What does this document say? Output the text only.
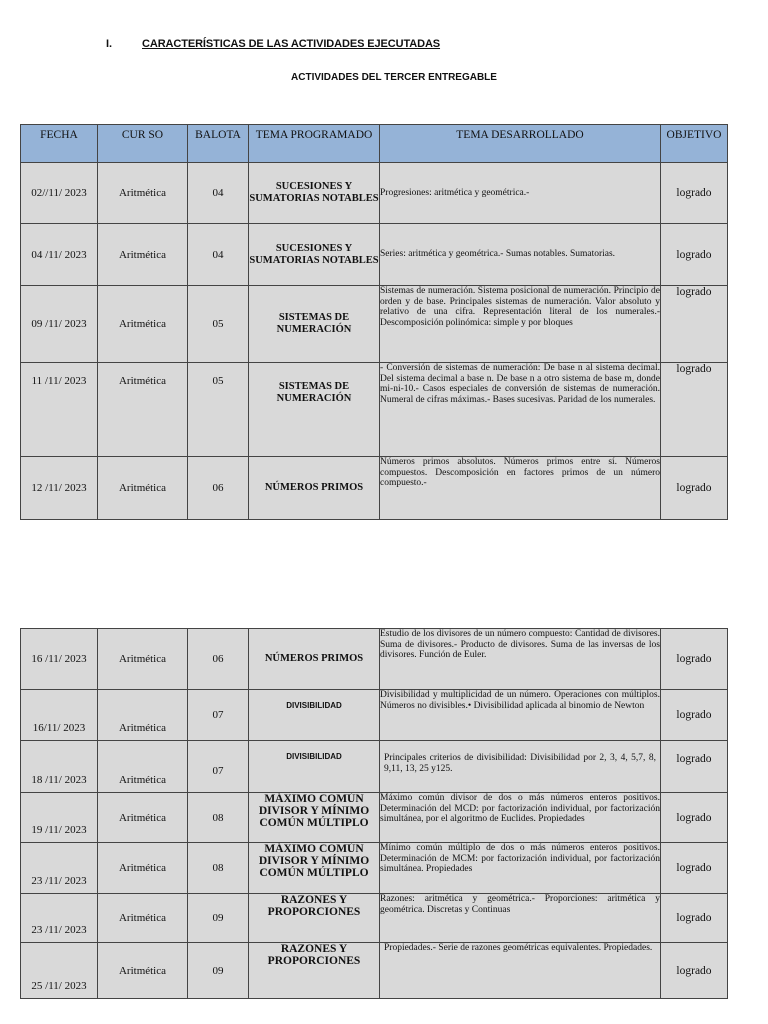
I.	CARACTERÍSTICAS DE LAS ACTIVIDADES EJECUTADAS
ACTIVIDADES DEL TERCER ENTREGABLE
FECHA	CUR SO	BALOTA	TEMA PROGRAMADO	TEMA DESARROLLADO	OBJETIVO
02//11/ 2023	Aritmética	04	SUCESIONES Y SUMATORIAS NOTABLES	Progresiones: aritmética y geométrica.-	logrado
04 /11/ 2023	Aritmética	04	SUCESIONES Y SUMATORIAS NOTABLES	Series: aritmética y geométrica.- Sumas notables. Sumatorias.	logrado
09 /11/ 2023	Aritmética	05	SISTEMAS DE NUMERACIÓN	Sistemas de numeración. Sistema posicional de numeración. Principio de orden y de base. Principales sistemas de numeración. Valor absoluto y relativo de una cifra. Representación literal de los numerales.- Descomposición polinómica: simple y por bloques	logrado
11 /11/ 2023	Aritmética	05	SISTEMAS DE NUMERACIÓN	- Conversión de sistemas de numeración: De base n al sistema decimal. Del sistema decimal a base n. De base n a otro sistema de base m, donde mi-ni-10.- Casos especiales de conversión de sistemas de numeración. Numeral de cifras máximas.- Bases sucesivas. Paridad de los numerales.	logrado
12 /11/ 2023	Aritmética	06	NÚMEROS PRIMOS	Números primos absolutos. Números primos entre sí. Números compuestos. Descomposición en factores primos de un número compuesto.-	logrado
16 /11/ 2023	Aritmética	06	NÚMEROS PRIMOS	Estudio de los divisores de un número compuesto: Cantidad de divisores. Suma de divisores.- Producto de divisores. Suma de las inversas de los divisores. Función de Euler.	logrado
16/11/ 2023	Aritmética	07	DIVISIBILIDAD	Divisibilidad y multiplicidad de un número. Operaciones con múltiplos. Números no divisibles.• Divisibilidad aplicada al binomio de Newton	logrado
18 /11/ 2023	Aritmética	07	DIVISIBILIDAD	Principales criterios de divisibilidad: Divisibilidad por 2, 3, 4, 5,7, 8, 9,11, 13, 25 y125.	logrado
19 /11/ 2023	Aritmética	08	MÁXIMO COMÚN DIVISOR Y MÍNIMO COMÚN MÚLTIPLO	Máximo común divisor de dos o más números enteros positivos. Determinación del MCD: por factorización individual, por factorización simultánea, por el algoritmo de Euclides. Propiedades	logrado
23 /11/ 2023	Aritmética	08	MÁXIMO COMÚN DIVISOR Y MÍNIMO COMÚN MÚLTIPLO	Mínimo común múltiplo de dos o más números enteros positivos. Determinación de MCM: por factorización individual, por factorización simultánea. Propiedades	logrado
23 /11/ 2023	Aritmética	09	RAZONES Y PROPORCIONES	Razones: aritmética y geométrica.- Proporciones: aritmética y geométrica. Discretas y Continuas	logrado
25 /11/ 2023	Aritmética	09	RAZONES Y PROPORCIONES	Propiedades.- Serie de razones geométricas equivalentes. Propiedades.	logrado
